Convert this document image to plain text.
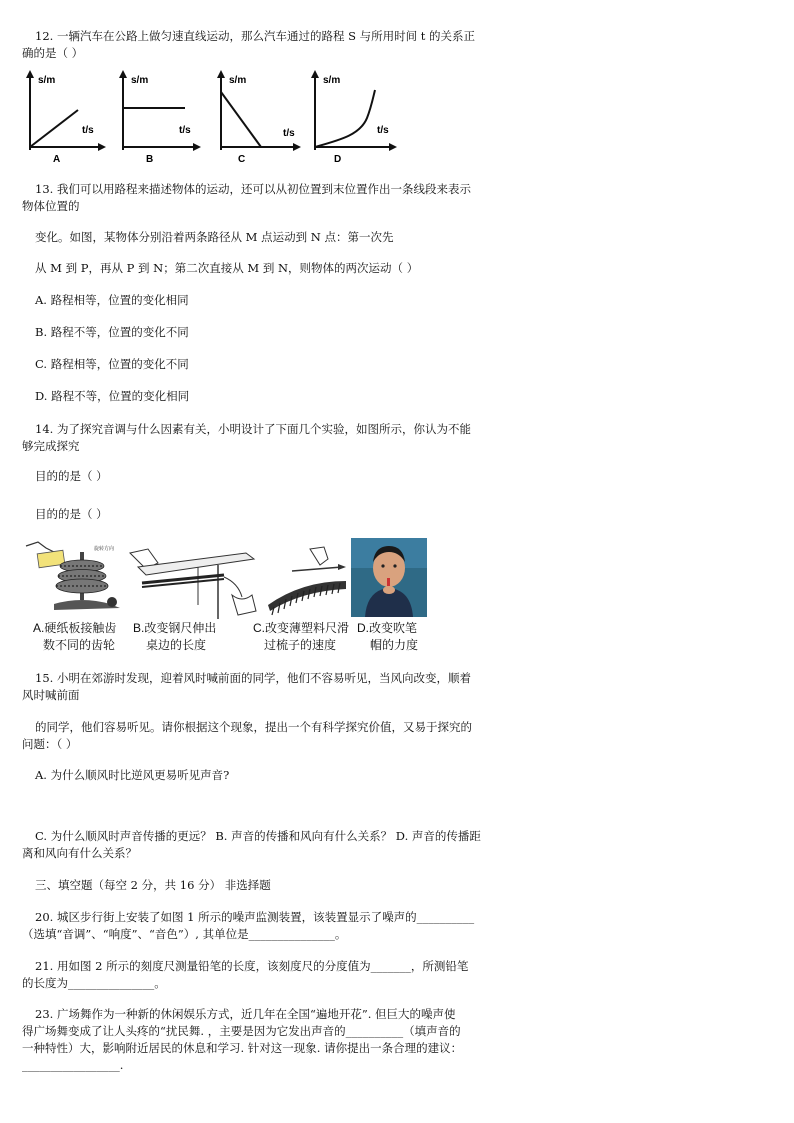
12. 一辆汽车在公路上做匀速直线运动，那么汽车通过的路程 S 与所用时间 t 的关系正
确的是（ ）
s/m
t/s
A
s/m
t/s
B
s/m
t/s
C
s/m
t/s
D
13. 我们可以用路程来描述物体的运动，还可以从初位置到末位置作出一条线段来表示
物体位置的
变化。如图，某物体分别沿着两条路径从 M 点运动到 N 点：第一次先
从 M 到 P，再从 P 到 N；第二次直接从 M 到 N，则物体的两次运动（ ）
A. 路程相等，位置的变化相同
B. 路程不等，位置的变化不同
C. 路程相等，位置的变化不同
D. 路程不等，位置的变化相同
14. 为了探究音调与什么因素有关，小明设计了下面几个实验，如图所示，你认为不能
够完成探究
目的的是（ ）
目的的是（ ）
旋转方向
A.硬纸板接触齿
数不同的齿轮
B.改变钢尺伸出
桌边的长度
C.改变薄塑料尺滑
过梳子的速度
D.改变吹笔
帽的力度
15. 小明在郊游时发现，迎着风时喊前面的同学，他们不容易听见，当风向改变，顺着
风时喊前面
的同学，他们容易听见。请你根据这个现象，提出一个有科学探究价值，又易于探究的
问题：（ ）
A. 为什么顺风时比逆风更易听见声音?
C. 为什么顺风时声音传播的更远？ B. 声音的传播和风向有什么关系？ D. 声音的传播距
离和风向有什么关系？
三、填空题（每空 2 分，共 16 分） 非选择题
20. 城区步行街上安装了如图 1 所示的噪声监测装置，该装置显示了噪声的__________
（选填“音调”、“响度”、“音色”）, 其单位是_______________。
21. 用如图 2 所示的刻度尺测量铅笔的长度，该刻度尺的分度值为_______，所测铅笔
的长度为_______________。
23. 广场舞作为一种新的休闲娱乐方式，近几年在全国“遍地开花”. 但巨大的噪声使
得广场舞变成了让人头疼的“扰民舞. ，主要是因为它发出声音的__________（填声音的
一种特性）大，影响附近居民的休息和学习. 针对这一现象. 请你提出一条合理的建议：
_________________.
